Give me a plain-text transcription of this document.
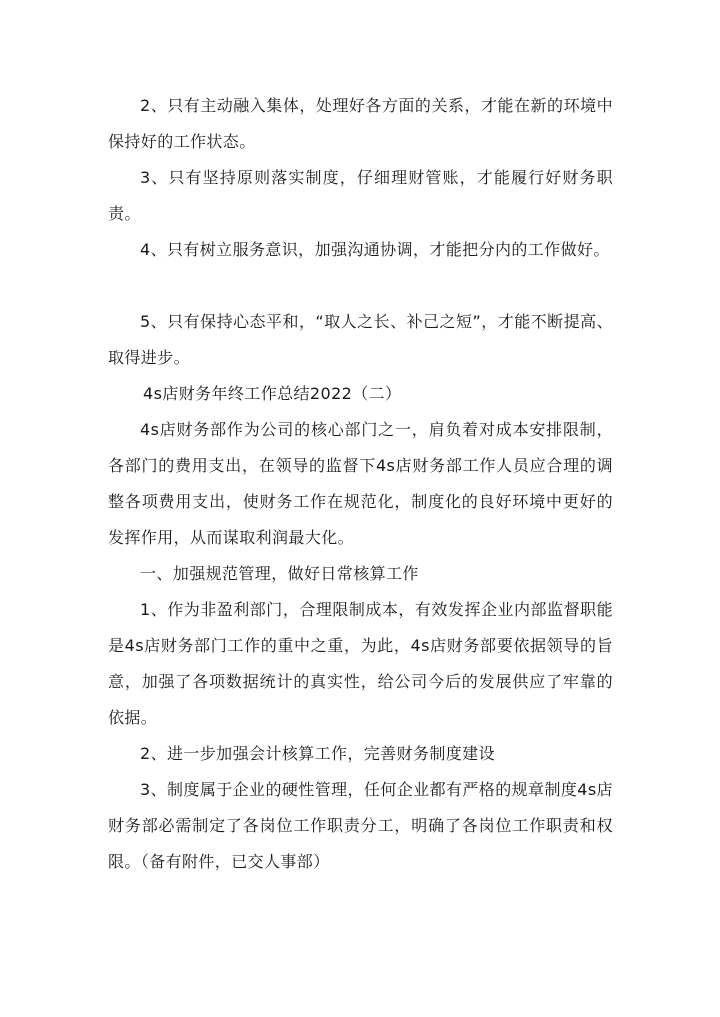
2、只有主动融入集体，处理好各方面的关系，才能在新的环境中保持好的工作状态。

3、只有坚持原则落实制度，仔细理财管账，才能履行好财务职责。

4、只有树立服务意识，加强沟通协调，才能把分内的工作做好。

5、只有保持心态平和，“取人之长、补己之短”，才能不断提高、取得进步。

4s店财务年终工作总结2022（二）

4s店财务部作为公司的核心部门之一，肩负着对成本安排限制，各部门的费用支出，在领导的监督下4s店财务部工作人员应合理的调整各项费用支出，使财务工作在规范化，制度化的良好环境中更好的发挥作用，从而谋取利润最大化。

一、加强规范管理，做好日常核算工作

1、作为非盈利部门，合理限制成本，有效发挥企业内部监督职能是4s店财务部门工作的重中之重，为此，4s店财务部要依据领导的旨意，加强了各项数据统计的真实性，给公司今后的发展供应了牢靠的依据。

2、进一步加强会计核算工作，完善财务制度建设

3、制度属于企业的硬性管理，任何企业都有严格的规章制度4s店财务部必需制定了各岗位工作职责分工，明确了各岗位工作职责和权限。（备有附件，已交人事部）
